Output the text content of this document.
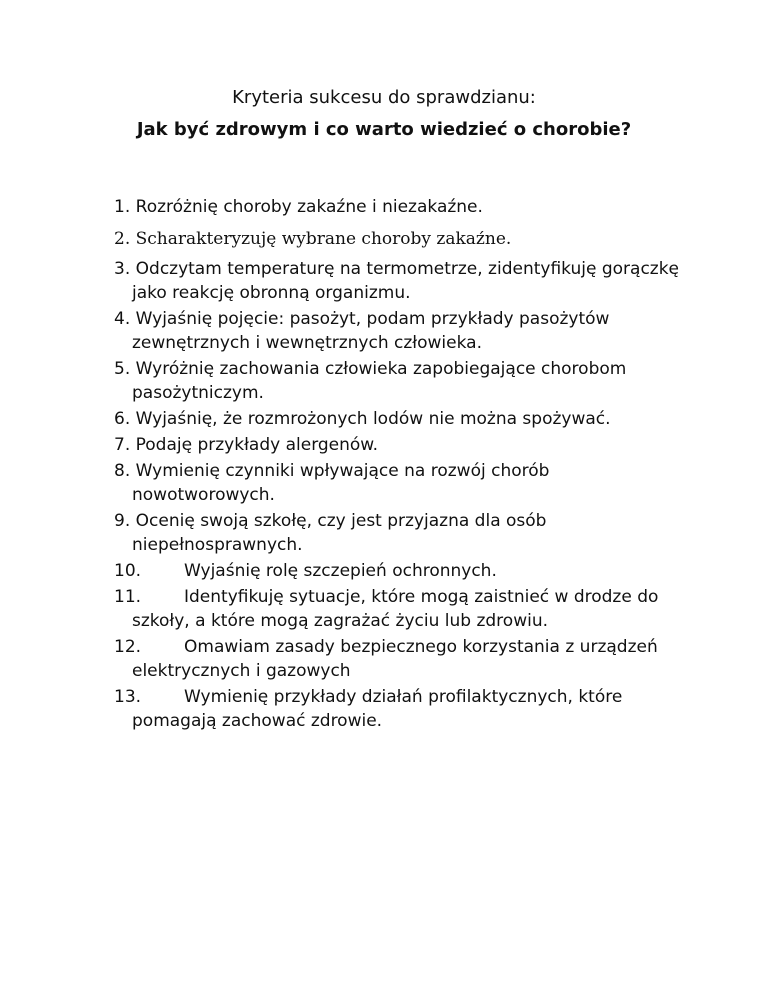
Kryteria sukcesu do sprawdzianu:
Jak być zdrowym i co warto wiedzieć o chorobie?
1. Rozróżnię choroby zakaźne i niezakaźne.
2. Scharakteryzuję wybrane choroby zakaźne.
3. Odczytam temperaturę na termometrze, zidentyfikuję gorączkę jako reakcję obronną organizmu.
4. Wyjaśnię pojęcie: pasożyt, podam przykłady pasożytów zewnętrznych i wewnętrznych człowieka.
5. Wyróżnię zachowania człowieka zapobiegające chorobom pasożytniczym.
6. Wyjaśnię, że rozmrożonych lodów nie można spożywać.
7. Podaję przykłady alergenów.
8. Wymienię czynniki wpływające na rozwój chorób nowotworowych.
9. Ocenię swoją szkołę, czy jest przyjazna dla osób niepełnosprawnych.
10.	Wyjaśnię rolę szczepień ochronnych.
11.	Identyfikuję sytuacje, które mogą zaistnieć w drodze do szkoły, a które mogą zagrażać życiu lub zdrowiu.
12.	Omawiam zasady bezpiecznego korzystania z urządzeń elektrycznych i gazowych
13.	Wymienię przykłady działań profilaktycznych, które pomagają zachować zdrowie.
